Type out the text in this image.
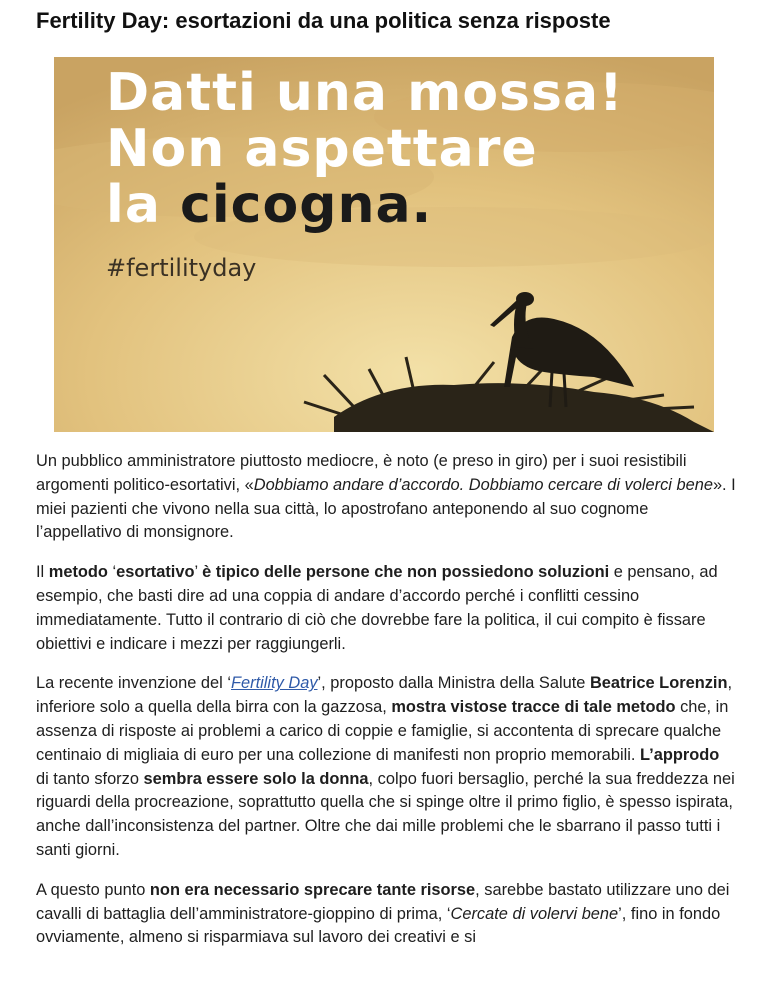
Fertility Day: esortazioni da una politica senza risposte
Datti una mossa!
Non aspettare
la cicogna.
#fertilityday

Un pubblico amministratore piuttosto mediocre, è noto (e preso in giro) per i suoi resistibili argomenti politico-esortativi, «Dobbiamo andare d’accordo. Dobbiamo cercare di volerci bene». I miei pazienti che vivono nella sua città, lo apostrofano anteponendo al suo cognome l’appellativo di monsignore.

Il metodo ‘esortativo’ è tipico delle persone che non possiedono soluzioni e pensano, ad esempio, che basti dire ad una coppia di andare d’accordo perché i conflitti cessino immediatamente. Tutto il contrario di ciò che dovrebbe fare la politica, il cui compito è fissare obiettivi e indicare i mezzi per raggiungerli.

La recente invenzione del ‘Fertility Day’, proposto dalla Ministra della Salute Beatrice Lorenzin, inferiore solo a quella della birra con la gazzosa, mostra vistose tracce di tale metodo che, in assenza di risposte ai problemi a carico di coppie e famiglie, si accontenta di sprecare qualche centinaio di migliaia di euro per una collezione di manifesti non proprio memorabili. L’approdo di tanto sforzo sembra essere solo la donna, colpo fuori bersaglio, perché la sua freddezza nei riguardi della procreazione, soprattutto quella che si spinge oltre il primo figlio, è spesso ispirata, anche dall’inconsistenza del partner. Oltre che dai mille problemi che le sbarrano il passo tutti i santi giorni.

A questo punto non era necessario sprecare tante risorse, sarebbe bastato utilizzare uno dei cavalli di battaglia dell’amministratore-gioppino di prima, ‘Cercate di volervi bene’, fino in fondo ovviamente, almeno si risparmiava sul lavoro dei creativi e si
